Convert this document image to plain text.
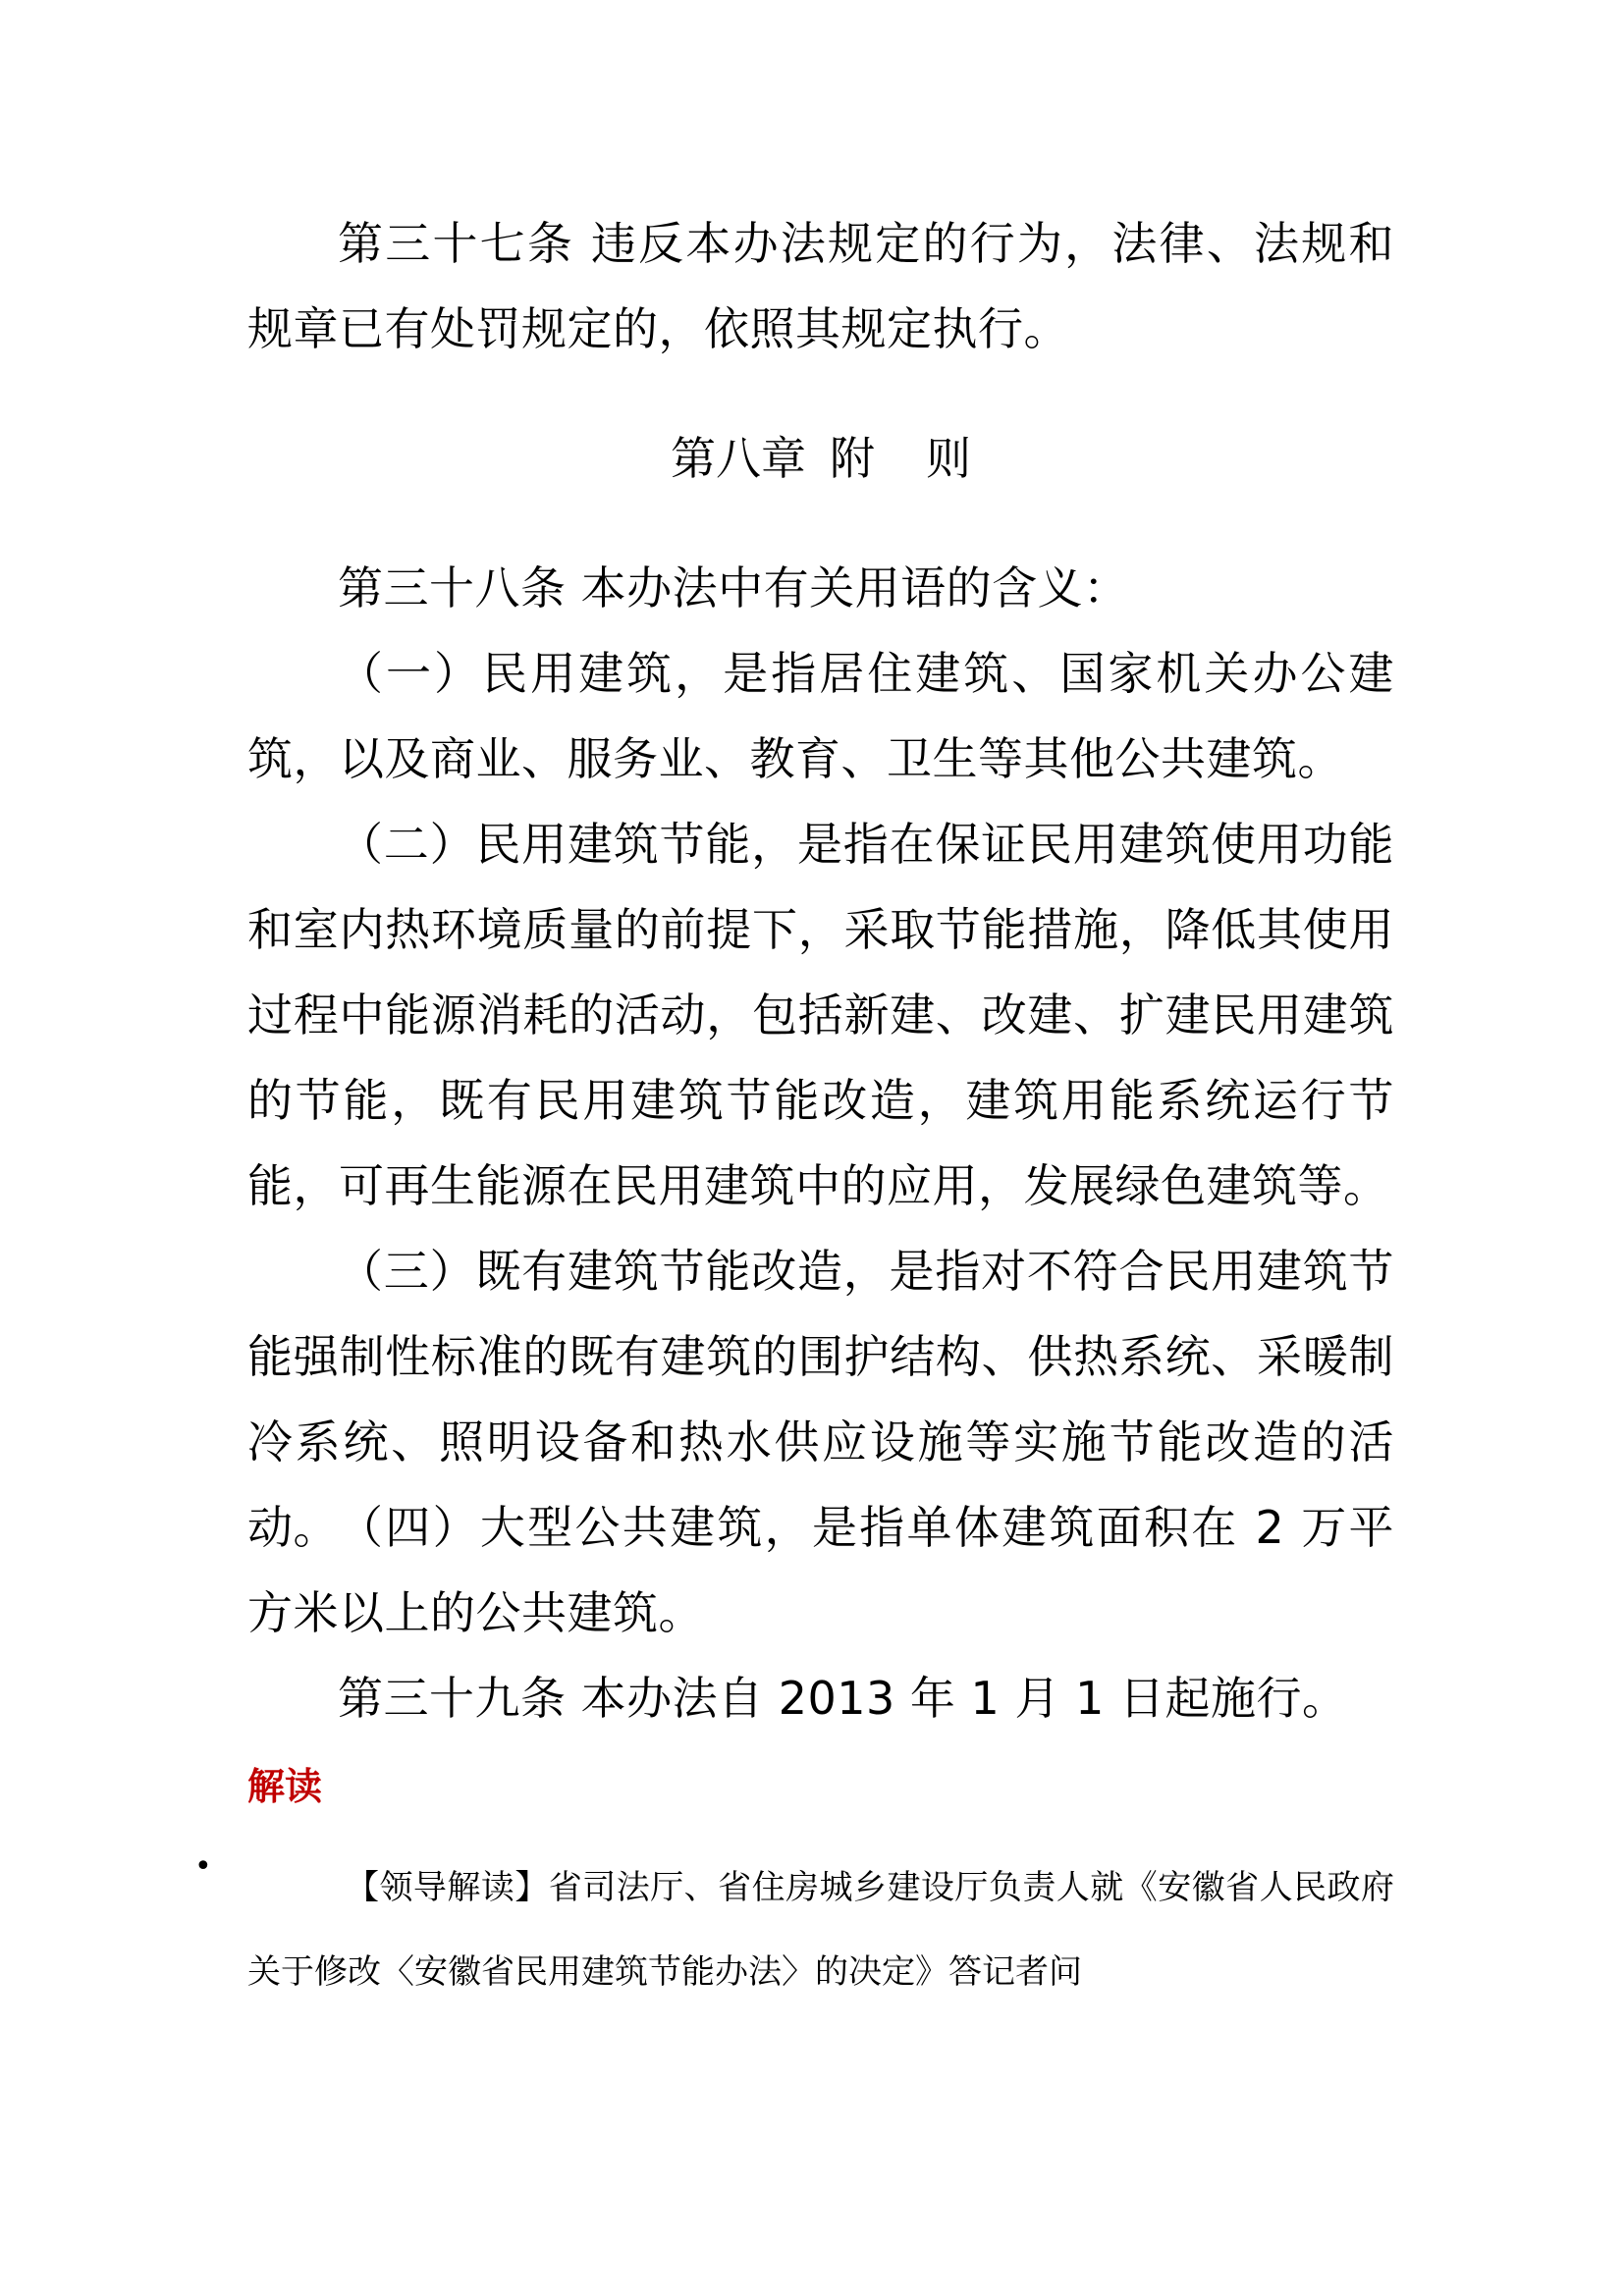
第三十七条 违反本办法规定的行为，法律、法规和规章已有处罚规定的，依照其规定执行。

第八章 附 则

第三十八条 本办法中有关用语的含义：

（一）民用建筑，是指居住建筑、国家机关办公建筑，以及商业、服务业、教育、卫生等其他公共建筑。

（二）民用建筑节能，是指在保证民用建筑使用功能和室内热环境质量的前提下，采取节能措施，降低其使用过程中能源消耗的活动，包括新建、改建、扩建民用建筑的节能，既有民用建筑节能改造，建筑用能系统运行节能，可再生能源在民用建筑中的应用，发展绿色建筑等。

（三）既有建筑节能改造，是指对不符合民用建筑节能强制性标准的既有建筑的围护结构、供热系统、采暖制冷系统、照明设备和热水供应设施等实施节能改造的活动。 （四）大型公共建筑，是指单体建筑面积在 2 万平方米以上的公共建筑。

第三十九条 本办法自 2013 年 1 月 1 日起施行。

解读

•

【领导解读】省司法厅、省住房城乡建设厅负责人就《安徽省人民政府关于修改〈安徽省民用建筑节能办法〉的决定》答记者问
